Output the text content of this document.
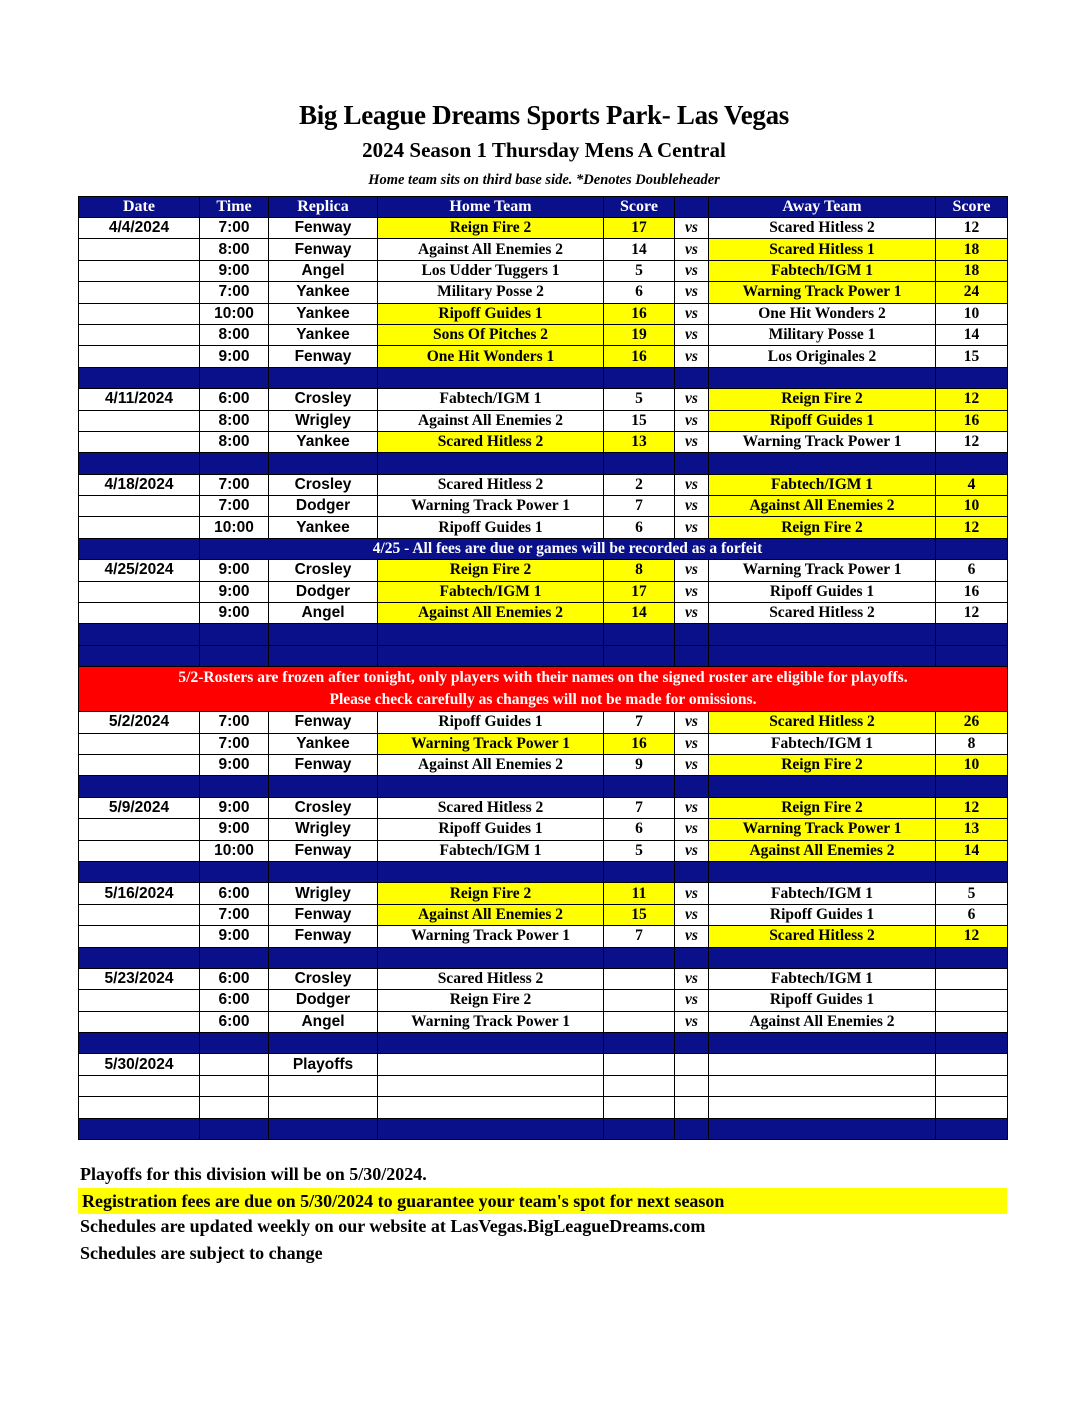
Big League Dreams Sports Park- Las Vegas
2024 Season 1 Thursday Mens A Central
Home team sits on third base side. *Denotes Doubleheader
Date	Time	Replica	Home Team	Score		Away Team	Score
4/4/2024	7:00	Fenway	Reign Fire 2	17	vs	Scared Hitless 2	12
	8:00	Fenway	Against All Enemies 2	14	vs	Scared Hitless 1	18
	9:00	Angel	Los Udder Tuggers 1	5	vs	Fabtech/IGM 1	18
	7:00	Yankee	Military Posse 2	6	vs	Warning Track Power 1	24
	10:00	Yankee	Ripoff Guides 1	16	vs	One Hit Wonders 2	10
	8:00	Yankee	Sons Of Pitches 2	19	vs	Military Posse 1	14
	9:00	Fenway	One Hit Wonders 1	16	vs	Los Originales 2	15

4/11/2024	6:00	Crosley	Fabtech/IGM 1	5	vs	Reign Fire 2	12
	8:00	Wrigley	Against All Enemies 2	15	vs	Ripoff Guides 1	16
	8:00	Yankee	Scared Hitless 2	13	vs	Warning Track Power 1	12

4/18/2024	7:00	Crosley	Scared Hitless 2	2	vs	Fabtech/IGM 1	4
	7:00	Dodger	Warning Track Power 1	7	vs	Against All Enemies 2	10
	10:00	Yankee	Ripoff Guides 1	6	vs	Reign Fire 2	12
	4/25 - All fees are due or games will be recorded as a forfeit						
4/25/2024	9:00	Crosley	Reign Fire 2	8	vs	Warning Track Power 1	6
	9:00	Dodger	Fabtech/IGM 1	17	vs	Ripoff Guides 1	16
	9:00	Angel	Against All Enemies 2	14	vs	Scared Hitless 2	12

5/2-Rosters are frozen after tonight, only players with their names on the signed roster are eligible for playoffs.
Please check carefully as changes will not be made for omissions.							

5/2/2024	7:00	Fenway	Ripoff Guides 1	7	vs	Scared Hitless 2	26
	7:00	Yankee	Warning Track Power 1	16	vs	Fabtech/IGM 1	8
	9:00	Fenway	Against All Enemies 2	9	vs	Reign Fire 2	10

5/9/2024	9:00	Crosley	Scared Hitless 2	7	vs	Reign Fire 2	12
	9:00	Wrigley	Ripoff Guides 1	6	vs	Warning Track Power 1	13
	10:00	Fenway	Fabtech/IGM 1	5	vs	Against All Enemies 2	14

5/16/2024	6:00	Wrigley	Reign Fire 2	11	vs	Fabtech/IGM 1	5
	7:00	Fenway	Against All Enemies 2	15	vs	Ripoff Guides 1	6
	9:00	Fenway	Warning Track Power 1	7	vs	Scared Hitless 2	12

5/23/2024	6:00	Crosley	Scared Hitless 2		vs	Fabtech/IGM 1	
	6:00	Dodger	Reign Fire 2		vs	Ripoff Guides 1	
	6:00	Angel	Warning Track Power 1		vs	Against All Enemies 2	

5/30/2024		Playoffs					

Playoffs for this division will be on 5/30/2024.
Registration fees are due on 5/30/2024 to guarantee your team's spot for next season
Schedules are updated weekly on our website at LasVegas.BigLeagueDreams.com
Schedules are subject to change
